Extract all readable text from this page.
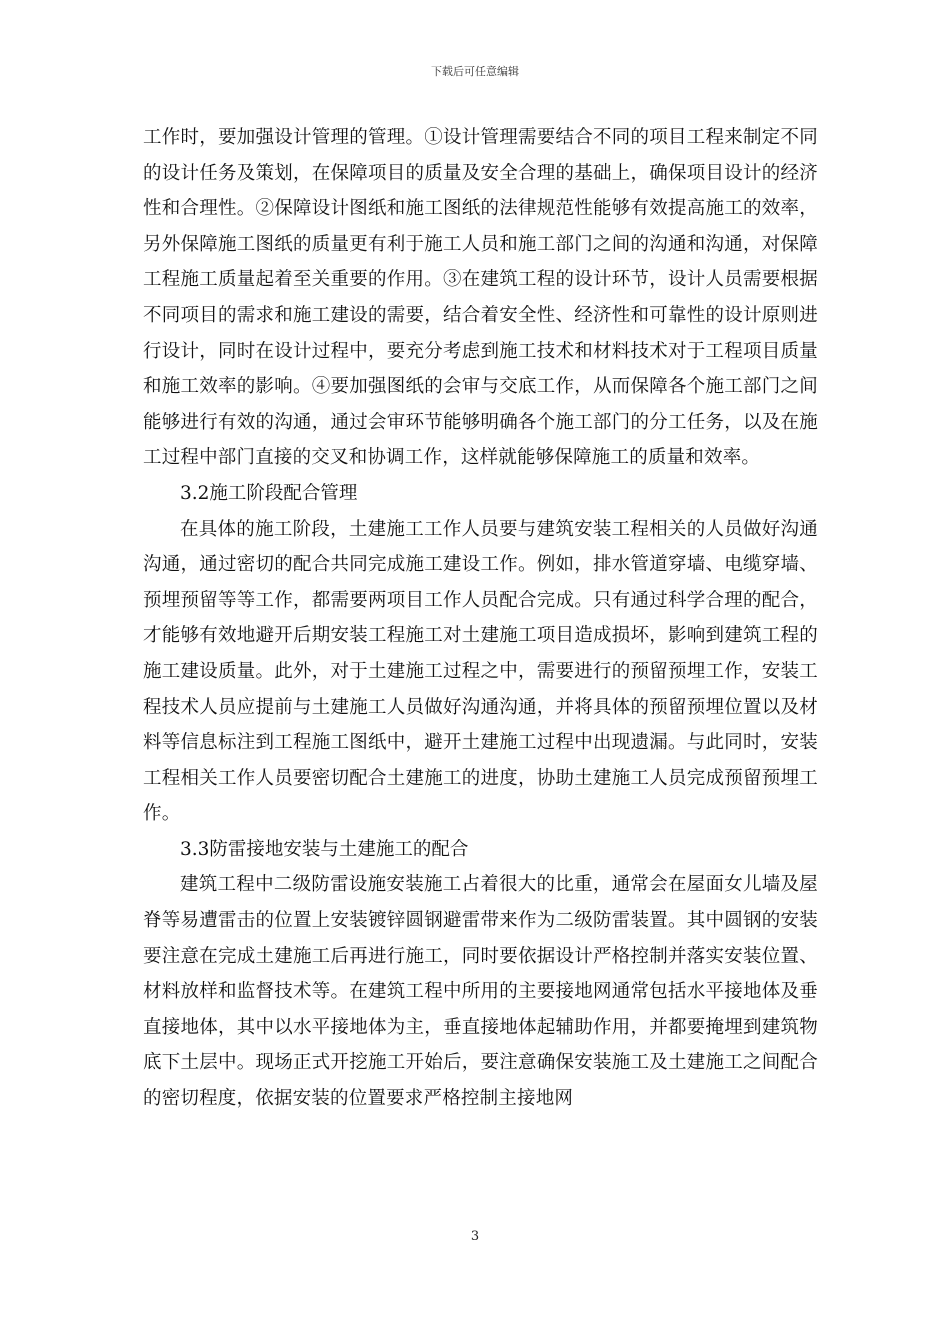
下载后可任意编辑

工作时，要加强设计管理的管理。①设计管理需要结合不同的项目工程来制定不同的设计任务及策划，在保障项目的质量及安全合理的基础上，确保项目设计的经济性和合理性。②保障设计图纸和施工图纸的法律规范性能够有效提高施工的效率，另外保障施工图纸的质量更有利于施工人员和施工部门之间的沟通和沟通，对保障工程施工质量起着至关重要的作用。③在建筑工程的设计环节，设计人员需要根据不同项目的需求和施工建设的需要，结合着安全性、经济性和可靠性的设计原则进行设计，同时在设计过程中，要充分考虑到施工技术和材料技术对于工程项目质量和施工效率的影响。④要加强图纸的会审与交底工作，从而保障各个施工部门之间能够进行有效的沟通，通过会审环节能够明确各个施工部门的分工任务，以及在施工过程中部门直接的交叉和协调工作，这样就能够保障施工的质量和效率。

3.2施工阶段配合管理

在具体的施工阶段，土建施工工作人员要与建筑安装工程相关的人员做好沟通沟通，通过密切的配合共同完成施工建设工作。例如，排水管道穿墙、电缆穿墙、预埋预留等等工作，都需要两项目工作人员配合完成。只有通过科学合理的配合，才能够有效地避开后期安装工程施工对土建施工项目造成损坏，影响到建筑工程的施工建设质量。此外，对于土建施工过程之中，需要进行的预留预埋工作，安装工程技术人员应提前与土建施工人员做好沟通沟通，并将具体的预留预埋位置以及材料等信息标注到工程施工图纸中，避开土建施工过程中出现遗漏。与此同时，安装工程相关工作人员要密切配合土建施工的进度，协助土建施工人员完成预留预埋工作。

3.3防雷接地安装与土建施工的配合

建筑工程中二级防雷设施安装施工占着很大的比重，通常会在屋面女儿墙及屋脊等易遭雷击的位置上安装镀锌圆钢避雷带来作为二级防雷装置。其中圆钢的安装要注意在完成土建施工后再进行施工，同时要依据设计严格控制并落实安装位置、材料放样和监督技术等。在建筑工程中所用的主要接地网通常包括水平接地体及垂直接地体，其中以水平接地体为主，垂直接地体起辅助作用，并都要掩埋到建筑物底下土层中。现场正式开挖施工开始后，要注意确保安装施工及土建施工之间配合的密切程度，依据安装的位置要求严格控制主接地网

3
